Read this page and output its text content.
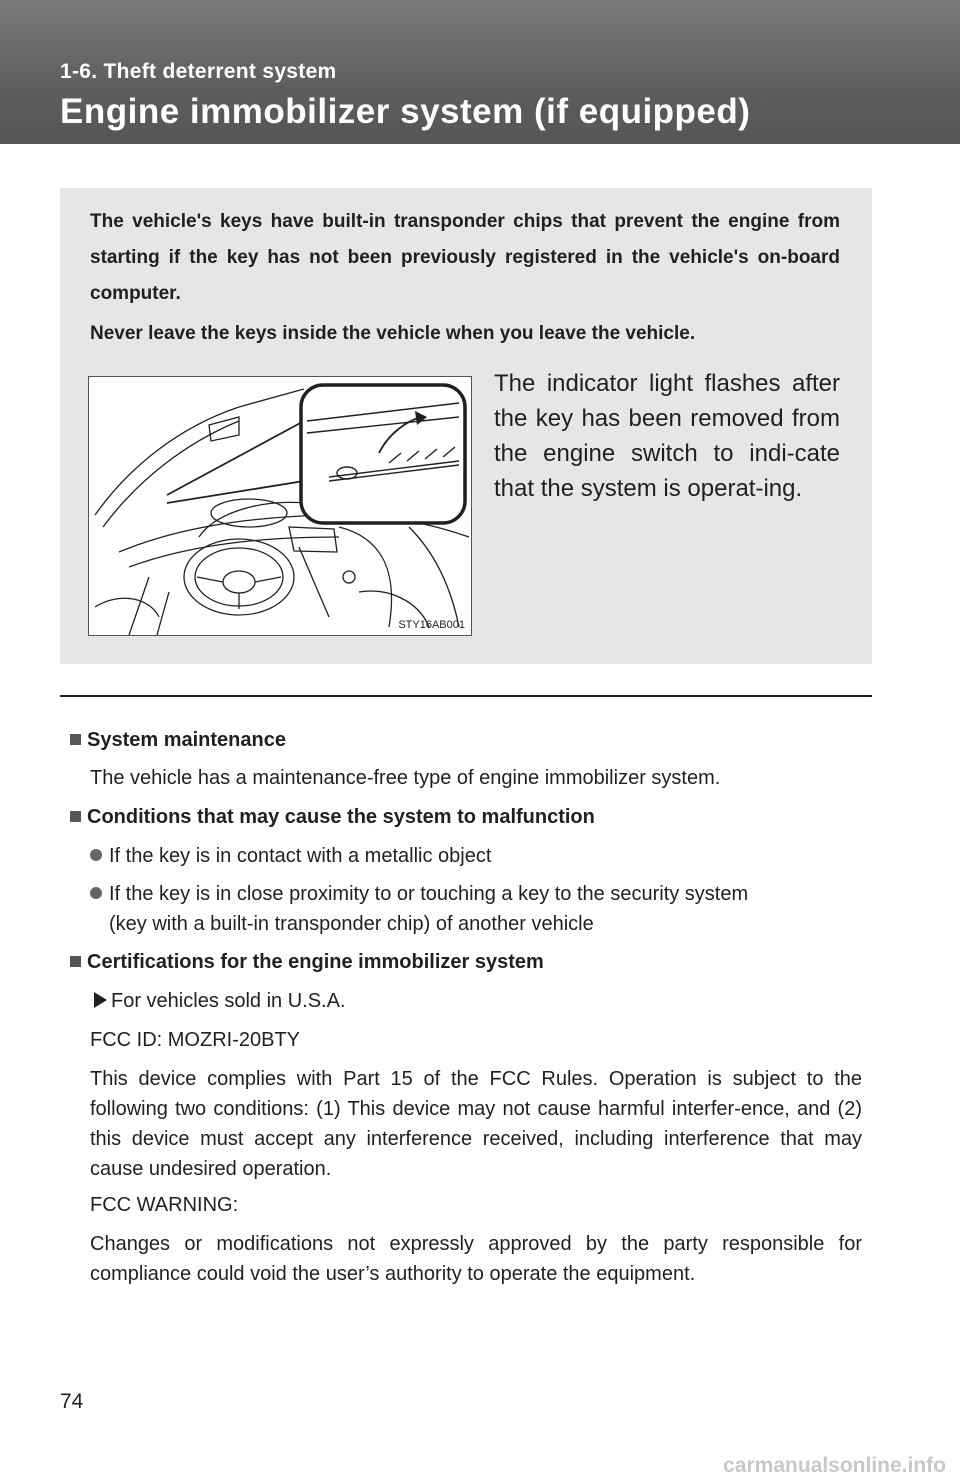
1-6. Theft deterrent system
Engine immobilizer system (if equipped)
The vehicle's keys have built-in transponder chips that prevent the engine from starting if the key has not been previously registered in the vehicle's on-board computer.
Never leave the keys inside the vehicle when you leave the vehicle.
STY16AB001
The indicator light flashes after the key has been removed from the engine switch to indi-cate that the system is operat-ing.
System maintenance
The vehicle has a maintenance-free type of engine immobilizer system.
Conditions that may cause the system to malfunction
If the key is in contact with a metallic object
If the key is in close proximity to or touching a key to the security system
(key with a built-in transponder chip) of another vehicle
Certifications for the engine immobilizer system
For vehicles sold in U.S.A.
FCC ID: MOZRI-20BTY
This device complies with Part 15 of the FCC Rules. Operation is subject to the following two conditions: (1) This device may not cause harmful interfer-ence, and (2) this device must accept any interference received, including interference that may cause undesired operation.
FCC WARNING:
Changes or modifications not expressly approved by the party responsible for compliance could void the user’s authority to operate the equipment.
74
carmanualsonline.info
